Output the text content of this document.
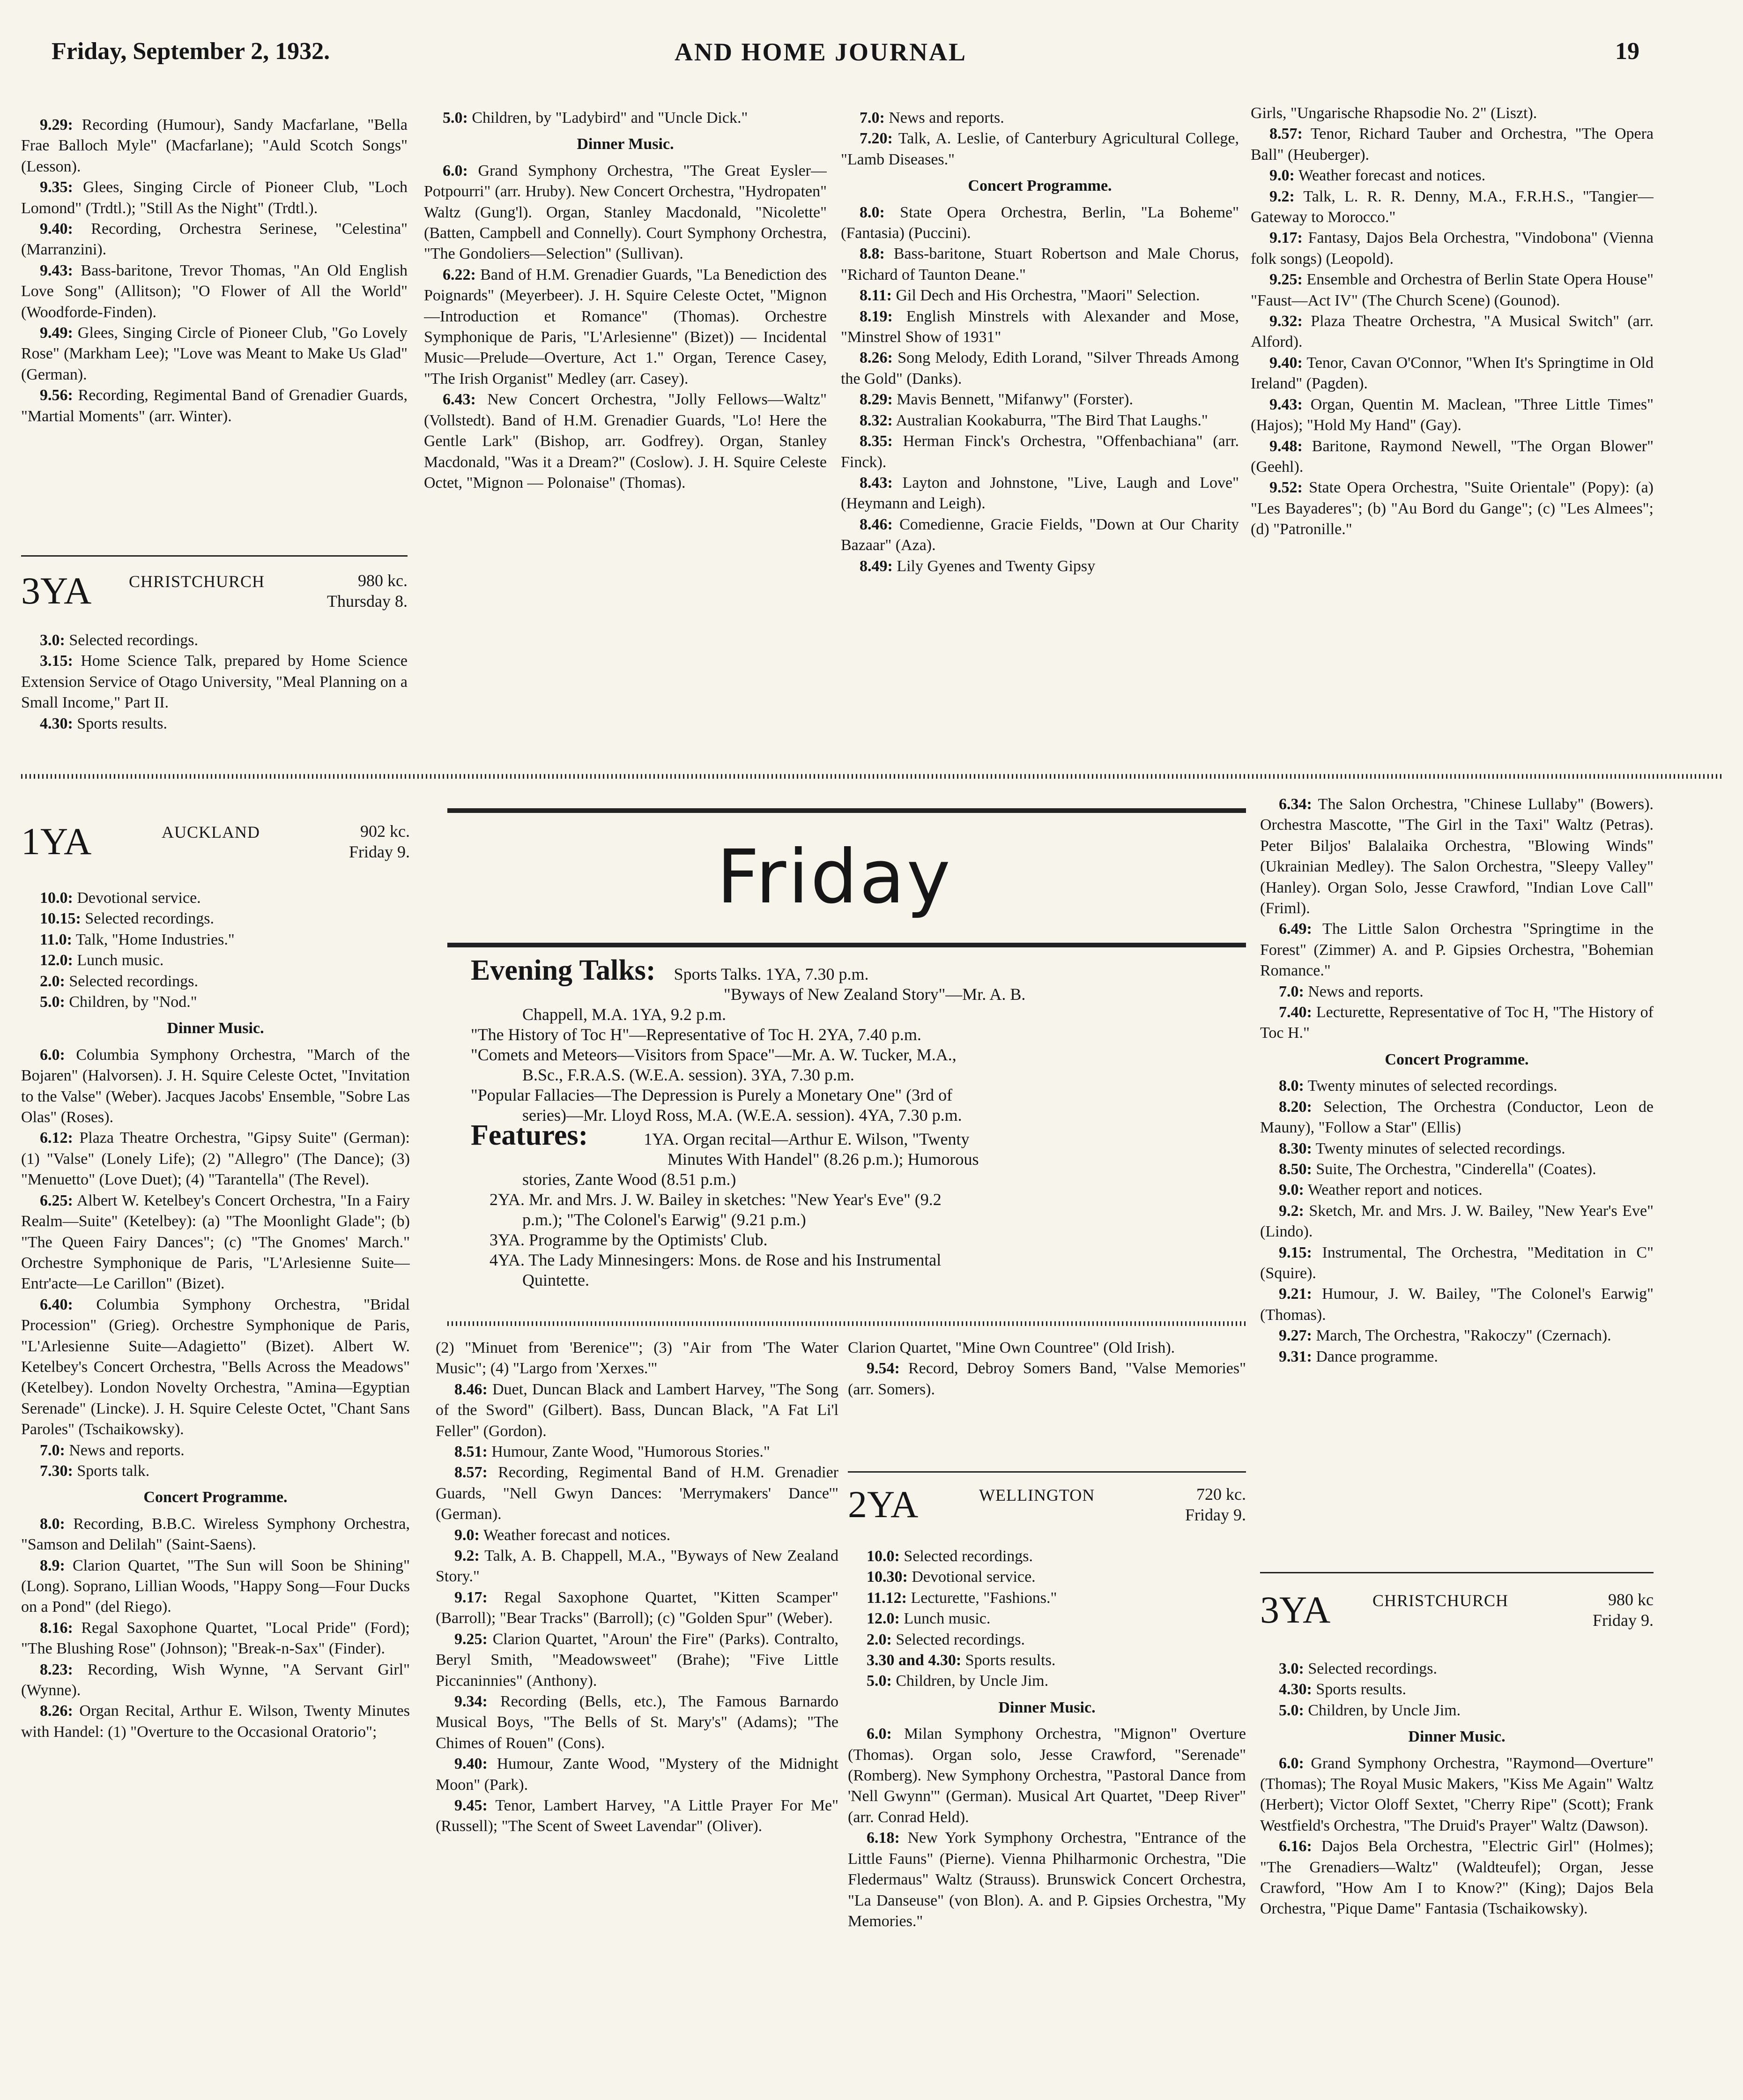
Friday, September 2, 1932.	AND HOME JOURNAL	19

9.29: Recording (Humour), Sandy Macfarlane, "Bella Frae Balloch Myle" (Macfarlane); "Auld Scotch Songs" (Lesson).

9.35: Glees, Singing Circle of Pioneer Club, "Loch Lomond" (Trdtl.); "Still As the Night" (Trdtl.).

9.40: Recording, Orchestra Serinese, "Celestina" (Marranzini).

9.43: Bass-baritone, Trevor Thomas, "An Old English Love Song" (Allitson); "O Flower of All the World" (Woodforde-Finden).

9.49: Glees, Singing Circle of Pioneer Club, "Go Lovely Rose" (Markham Lee); "Love was Meant to Make Us Glad" (German).

9.56: Recording, Regimental Band of Grenadier Guards, "Martial Moments" (arr. Winter).

3YA CHRISTCHURCH	980 kc.
Thursday 8.

3.0: Selected recordings.

3.15: Home Science Talk, prepared by Home Science Extension Service of Otago University, "Meal Planning on a Small Income," Part II.

4.30: Sports results.

5.0: Children, by "Ladybird" and "Uncle Dick."

Dinner Music.

6.0: Grand Symphony Orchestra, "The Great Eysler—Potpourri" (arr. Hruby). New Concert Orchestra, "Hydropaten" Waltz (Gung'l). Organ, Stanley Macdonald, "Nicolette" (Batten, Campbell and Connelly). Court Symphony Orchestra, "The Gondoliers—Selection" (Sullivan).

6.22: Band of H.M. Grenadier Guards, "La Benediction des Poignards" (Meyerbeer). J. H. Squire Celeste Octet, "Mignon—Introduction et Romance" (Thomas). Orchestre Symphonique de Paris, "L'Arlesienne" (Bizet)) — Incidental Music—Prelude—Overture, Act 1." Organ, Terence Casey, "The Irish Organist" Medley (arr. Casey).

6.43: New Concert Orchestra, "Jolly Fellows—Waltz" (Vollstedt). Band of H.M. Grenadier Guards, "Lo! Here the Gentle Lark" (Bishop, arr. Godfrey). Organ, Stanley Macdonald, "Was it a Dream?" (Coslow). J. H. Squire Celeste Octet, "Mignon — Polonaise" (Thomas).

7.0: News and reports.

7.20: Talk, A. Leslie, of Canterbury Agricultural College, "Lamb Diseases."

Concert Programme.

8.0: State Opera Orchestra, Berlin, "La Boheme" (Fantasia) (Puccini).

8.8: Bass-baritone, Stuart Robertson and Male Chorus, "Richard of Taunton Deane."

8.11: Gil Dech and His Orchestra, "Maori" Selection.

8.19: English Minstrels with Alexander and Mose, "Minstrel Show of 1931"

8.26: Song Melody, Edith Lorand, "Silver Threads Among the Gold" (Danks).

8.29: Mavis Bennett, "Mifanwy" (Forster).

8.32: Australian Kookaburra, "The Bird That Laughs."

8.35: Herman Finck's Orchestra, "Offenbachiana" (arr. Finck).

8.43: Layton and Johnstone, "Live, Laugh and Love" (Heymann and Leigh).

8.46: Comedienne, Gracie Fields, "Down at Our Charity Bazaar" (Aza).

8.49: Lily Gyenes and Twenty Gipsy

Girls, "Ungarische Rhapsodie No. 2" (Liszt).

8.57: Tenor, Richard Tauber and Orchestra, "The Opera Ball" (Heuberger).

9.0: Weather forecast and notices.

9.2: Talk, L. R. R. Denny, M.A., F.R.H.S., "Tangier—Gateway to Morocco."

9.17: Fantasy, Dajos Bela Orchestra, "Vindobona" (Vienna folk songs) (Leopold).

9.25: Ensemble and Orchestra of Berlin State Opera House" "Faust—Act IV" (The Church Scene) (Gounod).

9.32: Plaza Theatre Orchestra, "A Musical Switch" (arr. Alford).

9.40: Tenor, Cavan O'Connor, "When It's Springtime in Old Ireland" (Pagden).

9.43: Organ, Quentin M. Maclean, "Three Little Times" (Hajos); "Hold My Hand" (Gay).

9.48: Baritone, Raymond Newell, "The Organ Blower" (Geehl).

9.52: State Opera Orchestra, "Suite Orientale" (Popy): (a) "Les Bayaderes"; (b) "Au Bord du Gange"; (c) "Les Almees"; (d) "Patronille."

1YA	AUCKLAND	902 kc.
Friday 9.

10.0: Devotional service.

10.15: Selected recordings.

11.0: Talk, "Home Industries."

12.0: Lunch music.

2.0: Selected recordings.

5.0: Children, by "Nod."

Dinner Music.

6.0: Columbia Symphony Orchestra, "March of the Bojaren" (Halvorsen). J. H. Squire Celeste Octet, "Invitation to the Valse" (Weber). Jacques Jacobs' Ensemble, "Sobre Las Olas" (Roses).

6.12: Plaza Theatre Orchestra, "Gipsy Suite" (German): (1) "Valse" (Lonely Life); (2) "Allegro" (The Dance); (3) "Menuetto" (Love Duet); (4) "Tarantella" (The Revel).

6.25: Albert W. Ketelbey's Concert Orchestra, "In a Fairy Realm—Suite" (Ketelbey): (a) "The Moonlight Glade"; (b) "The Queen Fairy Dances"; (c) "The Gnomes' March." Orchestre Symphonique de Paris, "L'Arlesienne Suite—Entr'acte—Le Carillon" (Bizet).

6.40: Columbia Symphony Orchestra, "Bridal Procession" (Grieg). Orchestre Symphonique de Paris, "L'Arlesienne Suite—Adagietto" (Bizet). Albert W. Ketelbey's Concert Orchestra, "Bells Across the Meadows" (Ketelbey). London Novelty Orchestra, "Amina—Egyptian Serenade" (Lincke). J. H. Squire Celeste Octet, "Chant Sans Paroles" (Tschaikowsky).

7.0: News and reports.

7.30: Sports talk.

Concert Programme.

8.0: Recording, B.B.C. Wireless Symphony Orchestra, "Samson and Delilah" (Saint-Saens).

8.9: Clarion Quartet, "The Sun will Soon be Shining" (Long). Soprano, Lillian Woods, "Happy Song—Four Ducks on a Pond" (del Riego).

8.16: Regal Saxophone Quartet, "Local Pride" (Ford); "The Blushing Rose" (Johnson); "Break-n-Sax" (Finder).

8.23: Recording, Wish Wynne, "A Servant Girl" (Wynne).

8.26: Organ Recital, Arthur E. Wilson, Twenty Minutes with Handel: (1) "Overture to the Occasional Oratorio";

Friday
Evening Talks: Sports Talks. 1YA, 7.30 p.m.
"Byways of New Zealand Story"—Mr. A. B.
Chappell, M.A. 1YA, 9.2 p.m.
"The History of Toc H"—Representative of Toc H. 2YA, 7.40 p.m.
"Comets and Meteors—Visitors from Space"—Mr. A. W. Tucker, M.A.,
B.Sc., F.R.A.S. (W.E.A. session). 3YA, 7.30 p.m.
"Popular Fallacies—The Depression is Purely a Monetary One" (3rd of
series)—Mr. Lloyd Ross, M.A. (W.E.A. session). 4YA, 7.30 p.m.
Features:	1YA. Organ recital—Arthur E. Wilson, "Twenty
Minutes With Handel" (8.26 p.m.); Humorous
stories, Zante Wood (8.51 p.m.)
2YA. Mr. and Mrs. J. W. Bailey in sketches: "New Year's Eve" (9.2
p.m.); "The Colonel's Earwig" (9.21 p.m.)
3YA. Programme by the Optimists' Club.
4YA. The Lady Minnesingers: Mons. de Rose and his Instrumental
Quintette.

(2) "Minuet from 'Berenice'"; (3) "Air from 'The Water Music"; (4) "Largo from 'Xerxes.'"

8.46: Duet, Duncan Black and Lambert Harvey, "The Song of the Sword" (Gilbert). Bass, Duncan Black, "A Fat Li'l Feller" (Gordon).

8.51: Humour, Zante Wood, "Humorous Stories."

8.57: Recording, Regimental Band of H.M. Grenadier Guards, "Nell Gwyn Dances: 'Merrymakers' Dance'" (German).

9.0: Weather forecast and notices.

9.2: Talk, A. B. Chappell, M.A., "Byways of New Zealand Story."

9.17: Regal Saxophone Quartet, "Kitten Scamper" (Barroll); "Bear Tracks" (Barroll); (c) "Golden Spur" (Weber).

9.25: Clarion Quartet, "Aroun' the Fire" (Parks). Contralto, Beryl Smith, "Meadowsweet" (Brahe); "Five Little Piccaninnies" (Anthony).

9.34: Recording (Bells, etc.), The Famous Barnardo Musical Boys, "The Bells of St. Mary's" (Adams); "The Chimes of Rouen" (Cons).

9.40: Humour, Zante Wood, "Mystery of the Midnight Moon" (Park).

9.45: Tenor, Lambert Harvey, "A Little Prayer For Me" (Russell); "The Scent of Sweet Lavendar" (Oliver).

Clarion Quartet, "Mine Own Countree" (Old Irish).

9.54: Record, Debroy Somers Band, "Valse Memories" (arr. Somers).

2YA	WELLINGTON	720 kc.
Friday 9.

10.0: Selected recordings.

10.30: Devotional service.

11.12: Lecturette, "Fashions."

12.0: Lunch music.

2.0: Selected recordings.

3.30 and 4.30: Sports results.

5.0: Children, by Uncle Jim.

Dinner Music.

6.0: Milan Symphony Orchestra, "Mignon" Overture (Thomas). Organ solo, Jesse Crawford, "Serenade" (Romberg). New Symphony Orchestra, "Pastoral Dance from 'Nell Gwynn'" (German). Musical Art Quartet, "Deep River" (arr. Conrad Held).

6.18: New York Symphony Orchestra, "Entrance of the Little Fauns" (Pierne). Vienna Philharmonic Orchestra, "Die Fledermaus" Waltz (Strauss). Brunswick Concert Orchestra, "La Danseuse" (von Blon). A. and P. Gipsies Orchestra, "My Memories."

6.34: The Salon Orchestra, "Chinese Lullaby" (Bowers). Orchestra Mascotte, "The Girl in the Taxi" Waltz (Petras). Peter Biljos' Balalaika Orchestra, "Blowing Winds" (Ukrainian Medley). The Salon Orchestra, "Sleepy Valley" (Hanley). Organ Solo, Jesse Crawford, "Indian Love Call" (Friml).

6.49: The Little Salon Orchestra "Springtime in the Forest" (Zimmer) A. and P. Gipsies Orchestra, "Bohemian Romance."

7.0: News and reports.

7.40: Lecturette, Representative of Toc H, "The History of Toc H."

Concert Programme.

8.0: Twenty minutes of selected recordings.

8.20: Selection, The Orchestra (Conductor, Leon de Mauny), "Follow a Star" (Ellis)

8.30: Twenty minutes of selected recordings.

8.50: Suite, The Orchestra, "Cinderella" (Coates).

9.0: Weather report and notices.

9.2: Sketch, Mr. and Mrs. J. W. Bailey, "New Year's Eve" (Lindo).

9.15: Instrumental, The Orchestra, "Meditation in C" (Squire).

9.21: Humour, J. W. Bailey, "The Colonel's Earwig" (Thomas).

9.27: March, The Orchestra, "Rakoczy" (Czernach).

9.31: Dance programme.

3YA CHRISTCHURCH	980 kc
Friday 9.

3.0: Selected recordings.

4.30: Sports results.

5.0: Children, by Uncle Jim.

Dinner Music.

6.0: Grand Symphony Orchestra, "Raymond—Overture" (Thomas); The Royal Music Makers, "Kiss Me Again" Waltz (Herbert); Victor Oloff Sextet, "Cherry Ripe" (Scott); Frank Westfield's Orchestra, "The Druid's Prayer" Waltz (Dawson).

6.16: Dajos Bela Orchestra, "Electric Girl" (Holmes); "The Grenadiers—Waltz" (Waldteufel); Organ, Jesse Crawford, "How Am I to Know?" (King); Dajos Bela Orchestra, "Pique Dame" Fantasia (Tschaikowsky).
